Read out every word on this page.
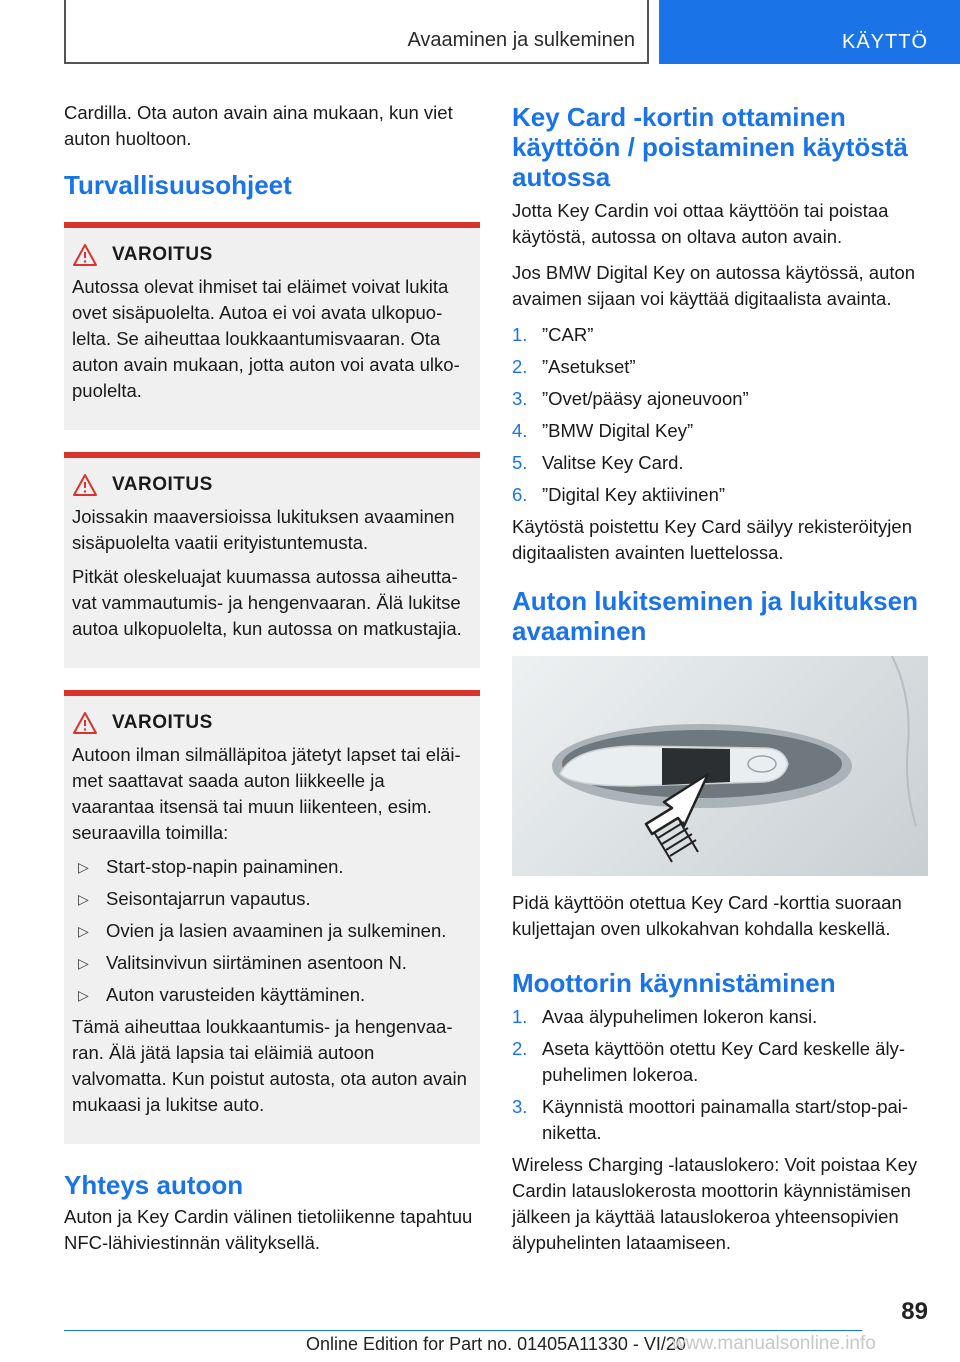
Avaaminen ja sulkeminen	KÄYTTÖ

Cardilla. Ota auton avain aina mukaan, kun viet auton huoltoon.

Turvallisuusohjeet
VAROITUS

Autossa olevat ihmiset tai eläimet voivat lukita ovet sisäpuolelta. Autoa ei voi avata ulkopuolelta. Se aiheuttaa loukkaantumisvaaran. Ota auton avain mukaan, jotta auton voi avata ulkopuolelta.

VAROITUS

Joissakin maaversioissa lukituksen avaaminen sisäpuolelta vaatii erityistuntemusta.

Pitkät oleskeluajat kuumassa autossa aiheuttavat vammautumis- ja hengenvaaran. Älä lukitse autoa ulkopuolelta, kun autossa on matkustajia.

VAROITUS

Autoon ilman silmälläpitoa jätetyt lapset tai eläimet saattavat saada auton liikkeelle ja vaarantaa itsensä tai muun liikenteen, esim. seuraavilla toimilla:

▷ Start-stop-napin painaminen.
▷ Seisontajarrun vapautus.
▷ Ovien ja lasien avaaminen ja sulkeminen.
▷ Valitsinvivun siirtäminen asentoon N.
▷ Auton varusteiden käyttäminen.

Tämä aiheuttaa loukkaantumis- ja hengenvaaran. Älä jätä lapsia tai eläimiä autoon valvomatta. Kun poistut autosta, ota auton avain mukaasi ja lukitse auto.

Yhteys autoon

Auton ja Key Cardin välinen tietoliikenne tapahtuu NFC-lähiviestinnän välityksellä.

Key Card -kortin ottaminen käyttöön / poistaminen käytöstä autossa

Jotta Key Cardin voi ottaa käyttöön tai poistaa käytöstä, autossa on oltava auton avain.

Jos BMW Digital Key on autossa käytössä, auton avaimen sijaan voi käyttää digitaalista avainta.

1. ”CAR”
2. ”Asetukset”
3. ”Ovet/pääsy ajoneuvoon”
4. ”BMW Digital Key”
5. Valitse Key Card.
6. ”Digital Key aktiivinen”

Käytöstä poistettu Key Card säilyy rekisteröityjen digitaalisten avainten luettelossa.

Auton lukitseminen ja lukituksen avaaminen

Pidä käyttöön otettua Key Card -korttia suoraan kuljettajan oven ulkokahvan kohdalla keskellä.

Moottorin käynnistäminen
1. Avaa älypuhelimen lokeron kansi.
2. Aseta käyttöön otettu Key Card keskelle älypuhelimen lokeroa.
3. Käynnistä moottori painamalla start/stop-painiketta.

Wireless Charging -latauslokero: Voit poistaa Key Cardin latauslokerosta moottorin käynnistämisen jälkeen ja käyttää latauslokeroa yhteensopivien älypuhelinten lataamiseen.

89
Online Edition for Part no. 01405A11330 - VI/20
www.manualsonline.info
